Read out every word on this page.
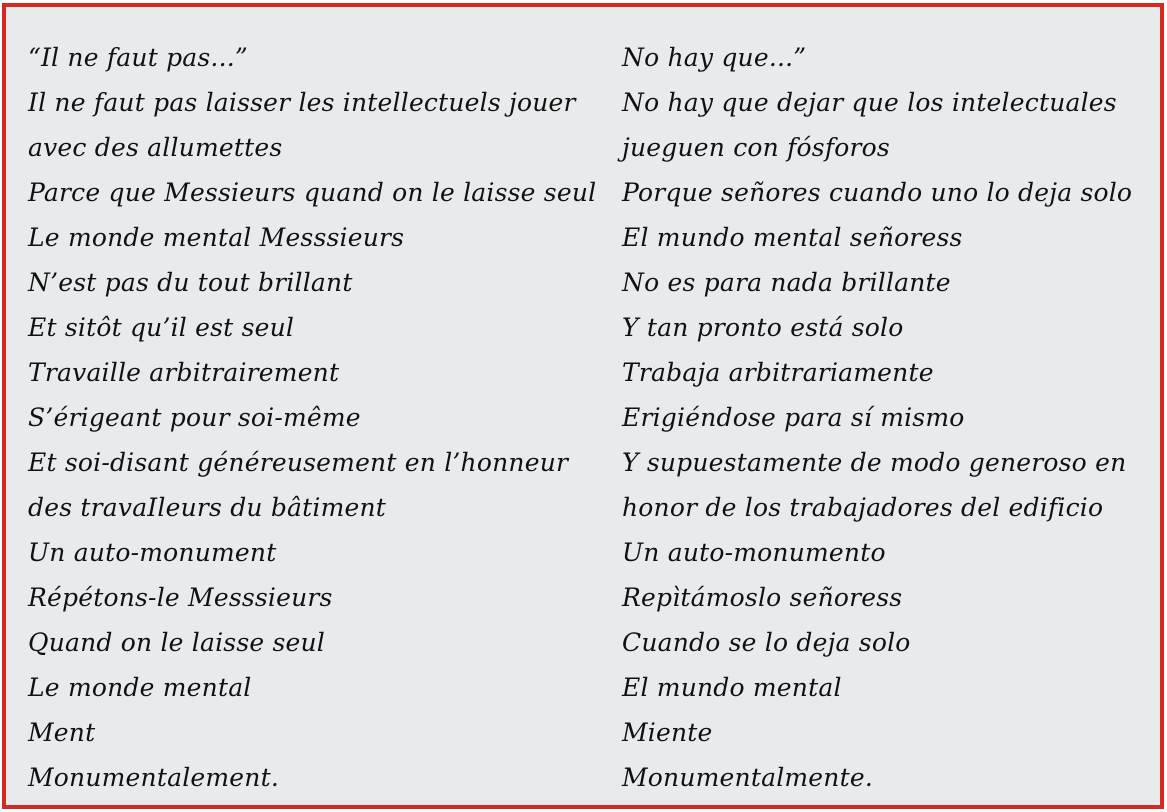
“Il ne faut pas...”
Il ne faut pas laisser les intellectuels jouer avec des allumettes
Parce que Messieurs quand on le laisse seul
Le monde mental Messsieurs
N’est pas du tout brillant
Et sitôt qu’il est seul
Travaille arbitrairement
S’érigeant pour soi-même
Et soi-disant généreusement en l’honneur des travaIleurs du bâtiment
Un auto-monument
Répétons-le Messsieurs
Quand on le laisse seul
Le monde mental
Ment
Monumentalement.
No hay que...”
No hay que dejar que los intelectuales jueguen con fósforos
Porque señores cuando uno lo deja solo
El mundo mental señoress
No es para nada brillante
Y tan pronto está solo
Trabaja arbitrariamente
Erigiéndose para sí mismo
Y supuestamente de modo generoso en honor de los trabajadores del edificio
Un auto-monumento
Repìtámoslo señoress
Cuando se lo deja solo
El mundo mental
Miente
Monumentalmente.
